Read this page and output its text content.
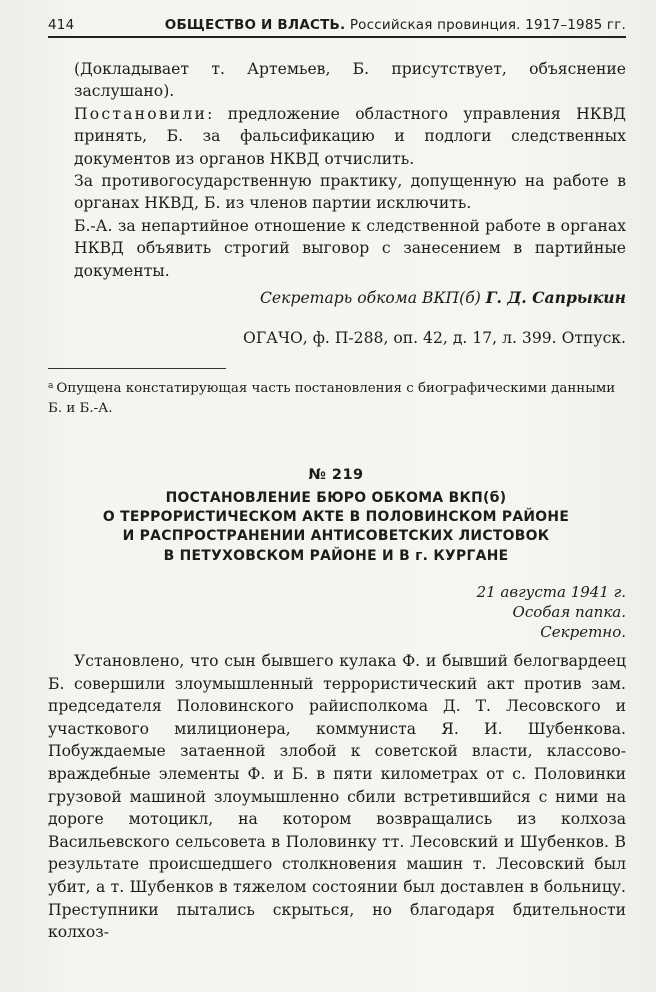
414	ОБЩЕСТВО И ВЛАСТЬ. Российская провинция. 1917–1985 гг.

(Докладывает т. Артемьев, Б. присутствует, объяснение заслушано).

Постановили: предложение областного управления НКВД принять, Б. за фальсификацию и подлоги следственных документов из органов НКВД отчислить.

За противогосударственную практику, допущенную на работе в органах НКВД, Б. из членов партии исключить.

Б.-А. за непартийное отношение к следственной работе в органах НКВД объявить строгий выговор с занесением в партийные документы.

Секретарь обкома ВКП(б) Г. Д. Сапрыкин
ОГАЧО, ф. П-288, оп. 42, д. 17, л. 399. Отпуск.

$^а$ Опущена констатирующая часть постановления с биографическими данными Б. и Б.-А.

№ 219

ПОСТАНОВЛЕНИЕ БЮРО ОБКОМА ВКП(б)
О ТЕРРОРИСТИЧЕСКОМ АКТЕ В ПОЛОВИНСКОМ РАЙОНЕ
И РАСПРОСТРАНЕНИИ АНТИСОВЕТСКИХ ЛИСТОВОК
В ПЕТУХОВСКОМ РАЙОНЕ И В г. КУРГАНЕ
21 августа 1941 г.
Особая папка.
Секретно.

Установлено, что сын бывшего кулака Ф. и бывший белогвардеец Б. совершили злоумышленный террористический акт против зам. председателя Половинского райисполкома Д. Т. Лесовского и участкового милиционера, коммуниста Я. И. Шубенкова. Побуждаемые затаенной злобой к советской власти, классово-враждебные элементы Ф. и Б. в пяти километрах от с. Половинки грузовой машиной злоумышленно сбили встретившийся с ними на дороге мотоцикл, на котором возвращались из колхоза Васильевского сельсовета в Половинку тт. Лесовский и Шубенков. В результате происшедшего столкновения машин т. Лесовский был убит, а т. Шубенков в тяжелом состоянии был доставлен в больницу. Преступники пытались скрыться, но благодаря бдительности колхоз-
